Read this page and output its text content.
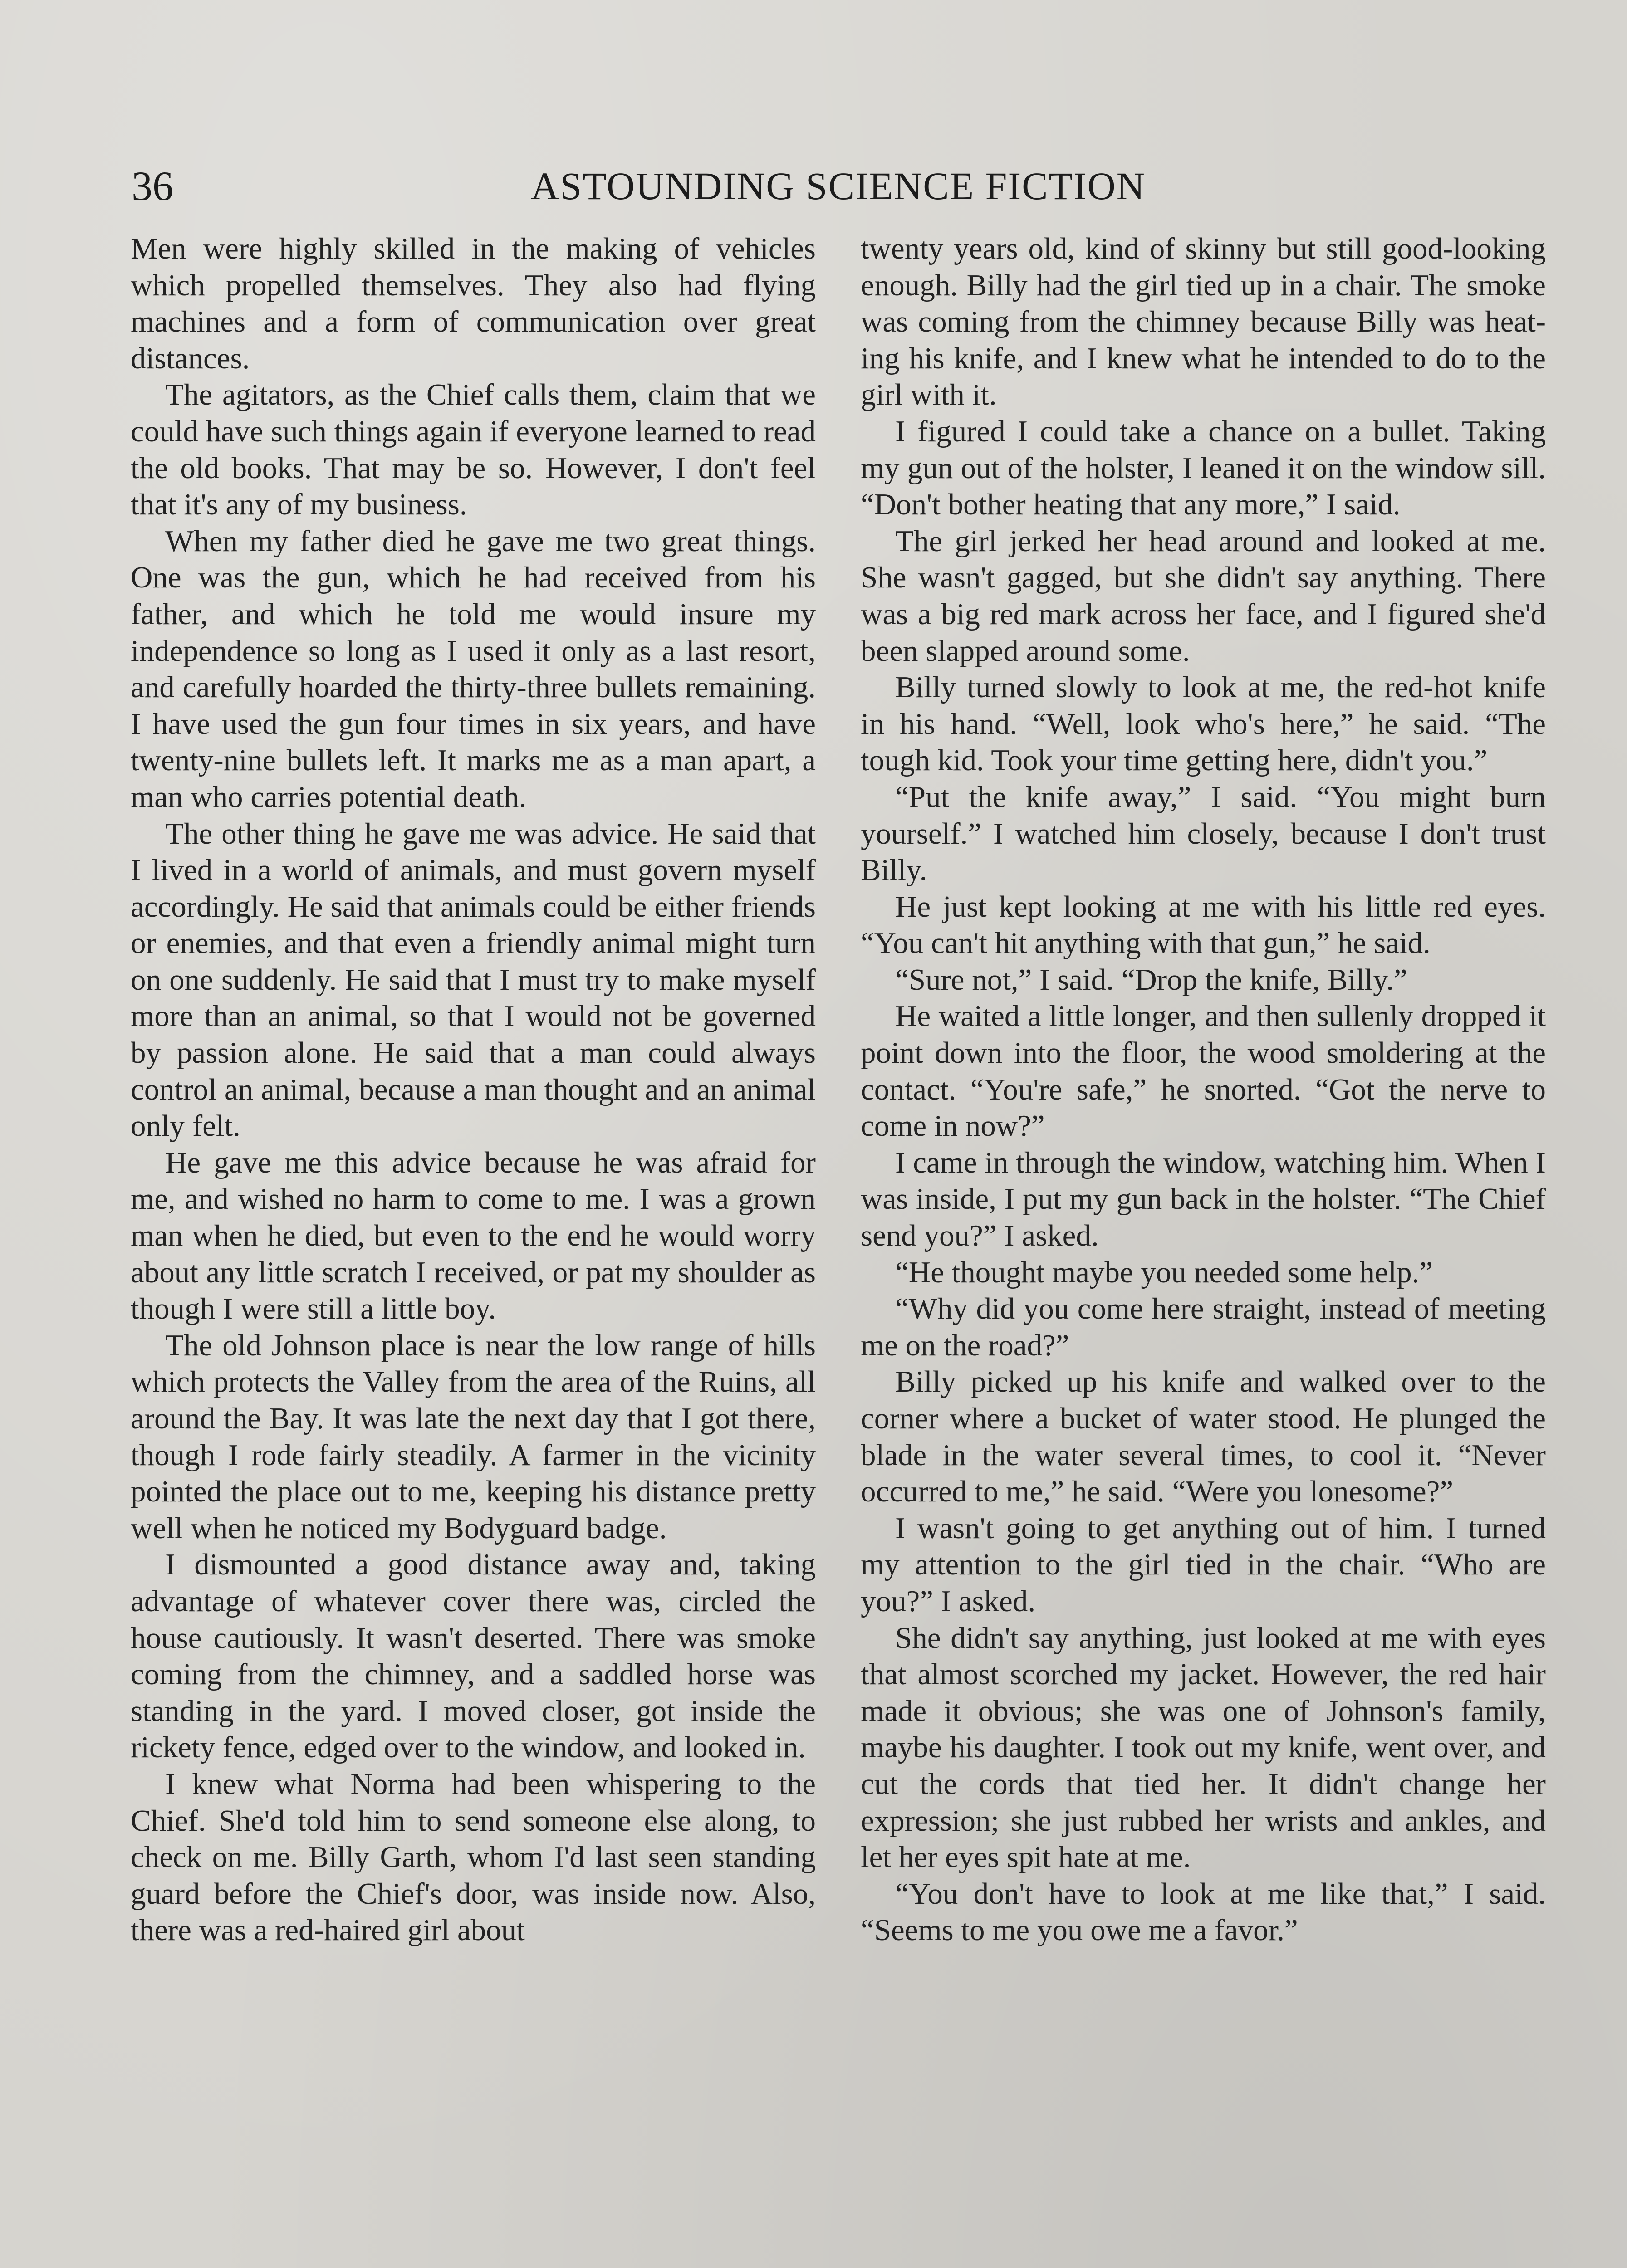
36	ASTOUNDING SCIENCE FICTION

Men were highly skilled in the making of vehicles which propelled themselves. They also had flying machines and a form of communication over great distances.

The agitators, as the Chief calls them, claim that we could have such things again if everyone learned to read the old books. That may be so. However, I don't feel that it's any of my business.

When my father died he gave me two great things. One was the gun, which he had received from his father, and which he told me would insure my independence so long as I used it only as a last resort, and carefully hoarded the thirty-three bullets remaining. I have used the gun four times in six years, and have twenty-nine bullets left. It marks me as a man apart, a man who carries potential death.

The other thing he gave me was advice. He said that I lived in a world of animals, and must govern myself accordingly. He said that animals could be either friends or enemies, and that even a friendly animal might turn on one suddenly. He said that I must try to make myself more than an animal, so that I would not be governed by passion alone. He said that a man could always control an animal, because a man thought and an animal only felt.

He gave me this advice because he was afraid for me, and wished no harm to come to me. I was a grown man when he died, but even to the end he would worry about any little scratch I received, or pat my shoulder as though I were still a little boy.

The old Johnson place is near the low range of hills which protects the Valley from the area of the Ruins, all around the Bay. It was late the next day that I got there, though I rode fairly steadily. A farmer in the vicinity pointed the place out to me, keeping his distance pretty well when he noticed my Bodyguard badge.

I dismounted a good distance away and, taking advantage of whatever cover there was, circled the house cautiously. It wasn't deserted. There was smoke coming from the chimney, and a saddled horse was standing in the yard. I moved closer, got inside the rickety fence, edged over to the window, and looked in.

I knew what Norma had been whispering to the Chief. She'd told him to send someone else along, to check on me. Billy Garth, whom I'd last seen standing guard before the Chief's door, was inside now. Also, there was a red-haired girl about

twenty years old, kind of skinny but still good-looking enough. Billy had the girl tied up in a chair. The smoke was coming from the chimney because Billy was heating his knife, and I knew what he intended to do to the girl with it.

I figured I could take a chance on a bullet. Taking my gun out of the holster, I leaned it on the window sill. “Don't bother heating that any more,” I said.

The girl jerked her head around and looked at me. She wasn't gagged, but she didn't say anything. There was a big red mark across her face, and I figured she'd been slapped around some.

Billy turned slowly to look at me, the red-hot knife in his hand. “Well, look who's here,” he said. “The tough kid. Took your time getting here, didn't you.”

“Put the knife away,” I said. “You might burn yourself.” I watched him closely, because I don't trust Billy.

He just kept looking at me with his little red eyes. “You can't hit anything with that gun,” he said.

“Sure not,” I said. “Drop the knife, Billy.”

He waited a little longer, and then sullenly dropped it point down into the floor, the wood smoldering at the contact. “You're safe,” he snorted. “Got the nerve to come in now?”

I came in through the window, watching him. When I was inside, I put my gun back in the holster. “The Chief send you?” I asked.

“He thought maybe you needed some help.”

“Why did you come here straight, instead of meeting me on the road?”

Billy picked up his knife and walked over to the corner where a bucket of water stood. He plunged the blade in the water several times, to cool it. “Never occurred to me,” he said. “Were you lonesome?”

I wasn't going to get anything out of him. I turned my attention to the girl tied in the chair. “Who are you?” I asked.

She didn't say anything, just looked at me with eyes that almost scorched my jacket. However, the red hair made it obvious; she was one of Johnson's family, maybe his daughter. I took out my knife, went over, and cut the cords that tied her. It didn't change her expression; she just rubbed her wrists and ankles, and let her eyes spit hate at me.

“You don't have to look at me like that,” I said. “Seems to me you owe me a favor.”
